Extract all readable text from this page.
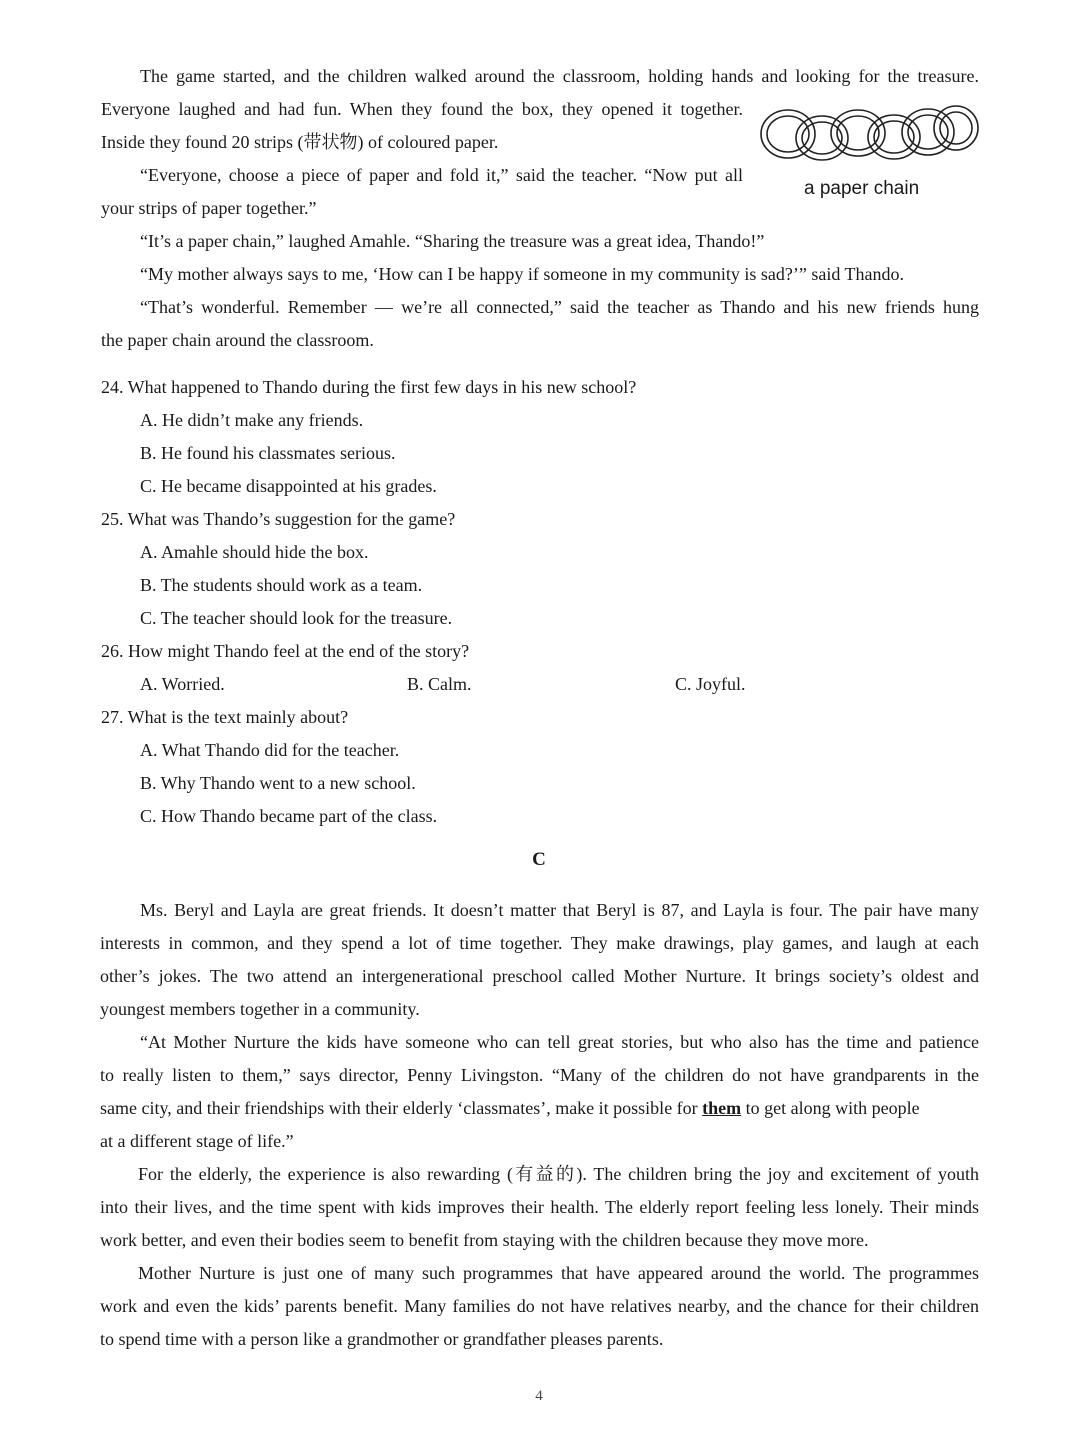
The game started, and the children walked around the classroom, holding hands and looking for the treasure.
Everyone laughed and had fun. When they found the box, they opened it together.
Inside they found 20 strips (带状物) of coloured paper.
“Everyone, choose a piece of paper and fold it,” said the teacher. “Now put all
your strips of paper together.”
“It’s a paper chain,” laughed Amahle. “Sharing the treasure was a great idea, Thando!”
“My mother always says to me, ‘How can I be happy if someone in my community is sad?’” said Thando.
“That’s wonderful. Remember — we’re all connected,” said the teacher as Thando and his new friends hung
the paper chain around the classroom.
a paper chain
24. What happened to Thando during the first few days in his new school?
A. He didn’t make any friends.
B. He found his classmates serious.
C. He became disappointed at his grades.
25. What was Thando’s suggestion for the game?
A. Amahle should hide the box.
B. The students should work as a team.
C. The teacher should look for the treasure.
26. How might Thando feel at the end of the story?
A. Worried.	B. Calm.	C. Joyful.
27. What is the text mainly about?
A. What Thando did for the teacher.
B. Why Thando went to a new school.
C. How Thando became part of the class.
C
Ms. Beryl and Layla are great friends. It doesn’t matter that Beryl is 87, and Layla is four. The pair have many
interests in common, and they spend a lot of time together. They make drawings, play games, and laugh at each
other’s jokes. The two attend an intergenerational preschool called Mother Nurture. It brings society’s oldest and
youngest members together in a community.
“At Mother Nurture the kids have someone who can tell great stories, but who also has the time and patience
to really listen to them,” says director, Penny Livingston. “Many of the children do not have grandparents in the
same city, and their friendships with their elderly ‘classmates’, make it possible for them to get along with people
at a different stage of life.”
For the elderly, the experience is also rewarding (有益的). The children bring the joy and excitement of youth
into their lives, and the time spent with kids improves their health. The elderly report feeling less lonely. Their minds
work better, and even their bodies seem to benefit from staying with the children because they move more.
Mother Nurture is just one of many such programmes that have appeared around the world. The programmes
work and even the kids’ parents benefit. Many families do not have relatives nearby, and the chance for their children
to spend time with a person like a grandmother or grandfather pleases parents.
4
